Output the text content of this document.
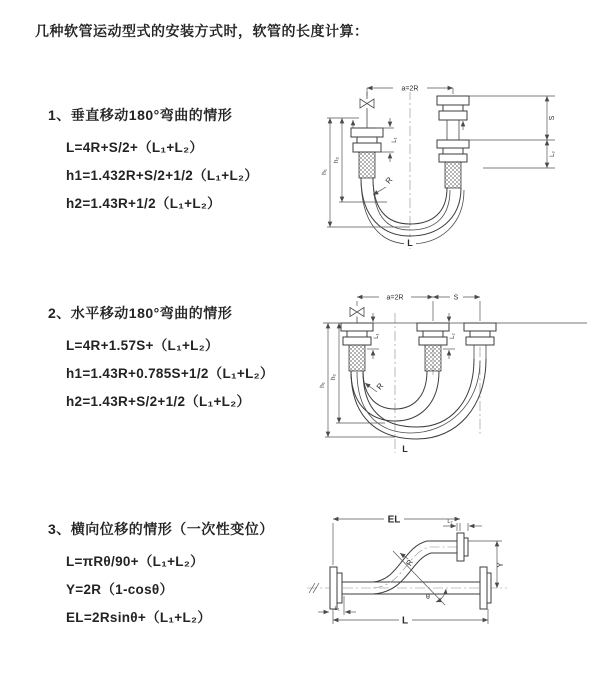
几种软管运动型式的安装方式时，软管的长度计算：
1、垂直移动180°弯曲的情形
L=4R+S/2+（L₁+L₂）
h1=1.432R+S/2+1/2（L₁+L₂）
h2=1.43R+1/2（L₁+L₂）
2、水平移动180°弯曲的情形
L=4R+1.57S+（L₁+L₂）
h1=1.43R+0.785S+1/2（L₁+L₂）
h2=1.43R+S/2+1/2（L₁+L₂）
3、横向位移的情形（一次性变位）
L=πRθ/90+（L₁+L₂）
Y=2R（1-cosθ）
EL=2Rsinθ+（L₁+L₂）
a=2R
h₁
h₂
L₁
S
L₂
R
L
a=2R	S
h₁
h₂
L₁	L₂
R
L
EL	L₂
Y
R
θ
L₁
L
